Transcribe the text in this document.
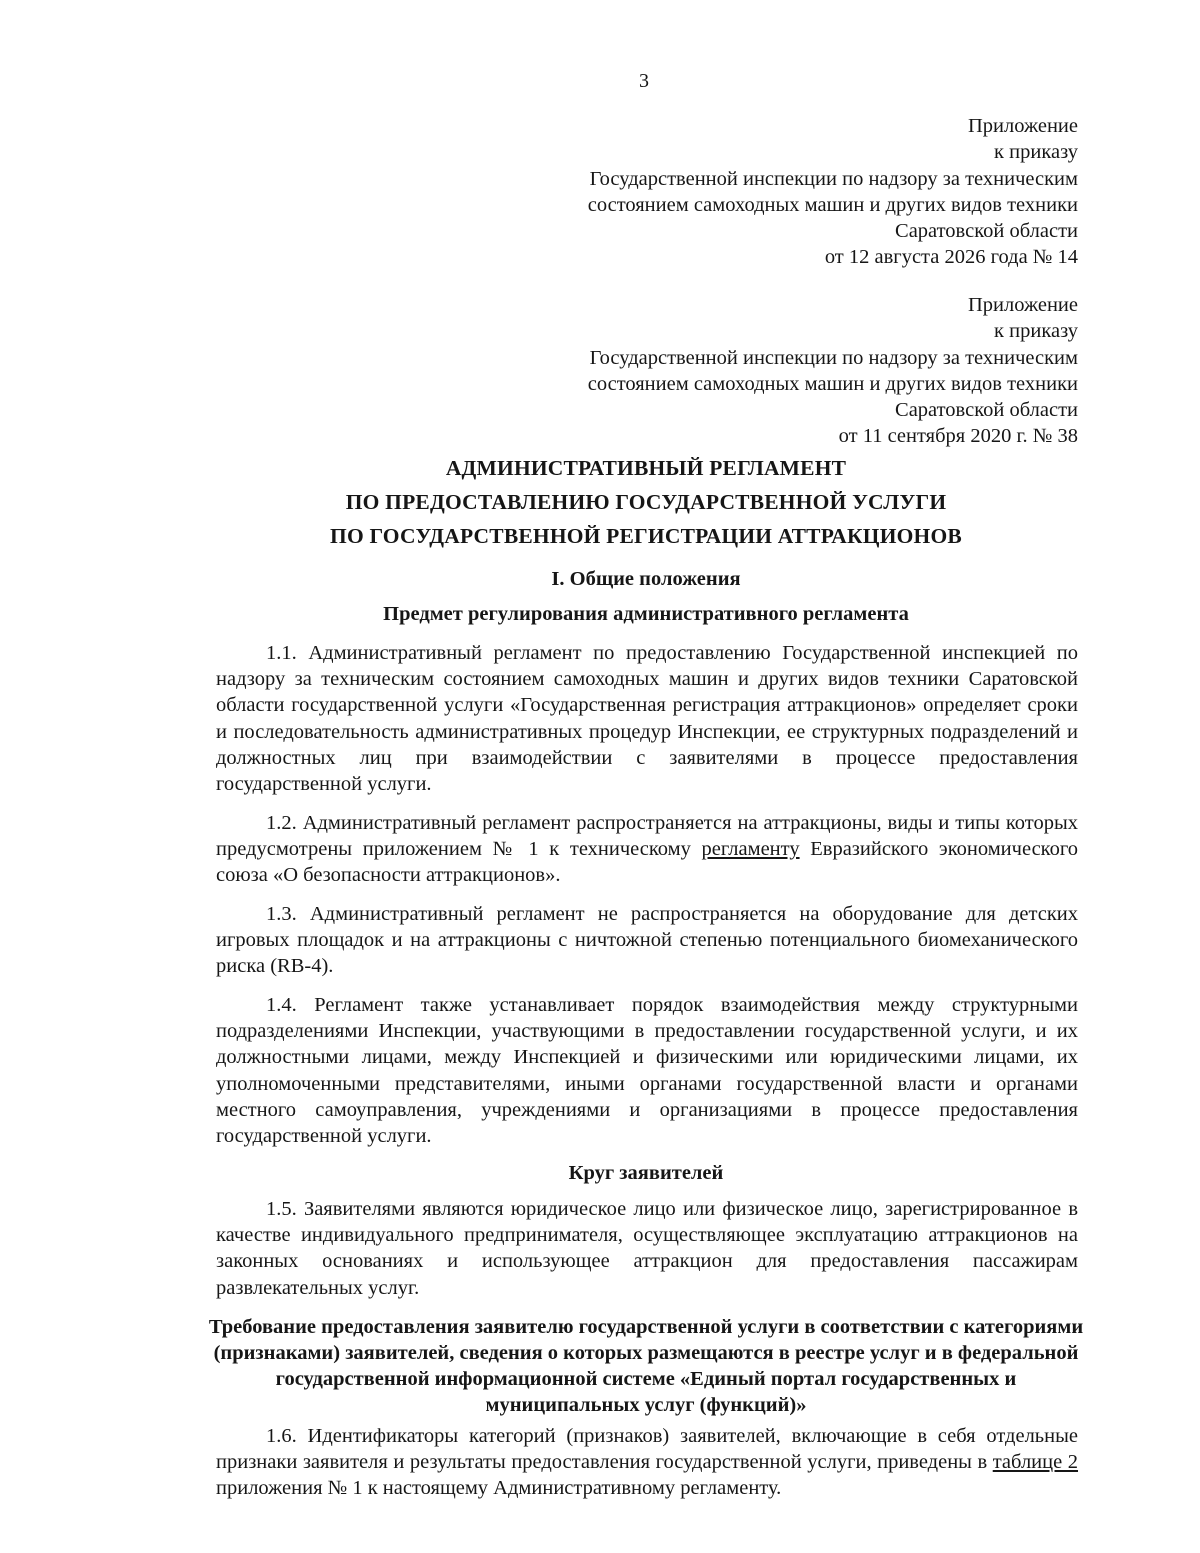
3
Приложение
к приказу
Государственной инспекции по надзору за техническим
состоянием самоходных машин и других видов техники
Саратовской области
от 12 августа 2026 года № 14
Приложение
к приказу
Государственной инспекции по надзору за техническим
состоянием самоходных машин и других видов техники
Саратовской области
от 11 сентября 2020 г. № 38
АДМИНИСТРАТИВНЫЙ РЕГЛАМЕНТ
ПО ПРЕДОСТАВЛЕНИЮ ГОСУДАРСТВЕННОЙ УСЛУГИ
ПО ГОСУДАРСТВЕННОЙ РЕГИСТРАЦИИ АТТРАКЦИОНОВ
I. Общие положения
Предмет регулирования административного регламента
1.1. Административный регламент по предоставлению Государственной инспекцией по надзору за техническим состоянием самоходных машин и других видов техники Саратовской области государственной услуги «Государственная регистрация аттракционов» определяет сроки и последовательность административных процедур Инспекции, ее структурных подразделений и должностных лиц при взаимодействии с заявителями в процессе предоставления государственной услуги.
1.2. Административный регламент распространяется на аттракционы, виды и типы которых предусмотрены приложением № 1 к техническому регламенту Евразийского экономического союза «О безопасности аттракционов».
1.3. Административный регламент не распространяется на оборудование для детских игровых площадок и на аттракционы с ничтожной степенью потенциального биомеханического риска (RB-4).
1.4. Регламент также устанавливает порядок взаимодействия между структурными подразделениями Инспекции, участвующими в предоставлении государственной услуги, и их должностными лицами, между Инспекцией и физическими или юридическими лицами, их уполномоченными представителями, иными органами государственной власти и органами местного самоуправления, учреждениями и организациями в процессе предоставления государственной услуги.
Круг заявителей
1.5. Заявителями являются юридическое лицо или физическое лицо, зарегистрированное в качестве индивидуального предпринимателя, осуществляющее эксплуатацию аттракционов на законных основаниях и использующее аттракцион для предоставления пассажирам развлекательных услуг.
Требование предоставления заявителю государственной услуги в соответствии с категориями (признаками) заявителей, сведения о которых размещаются в реестре услуг и в федеральной государственной информационной системе «Единый портал государственных и муниципальных услуг (функций)»
1.6. Идентификаторы категорий (признаков) заявителей, включающие в себя отдельные признаки заявителя и результаты предоставления государственной услуги, приведены в таблице 2 приложения № 1 к настоящему Административному регламенту.
